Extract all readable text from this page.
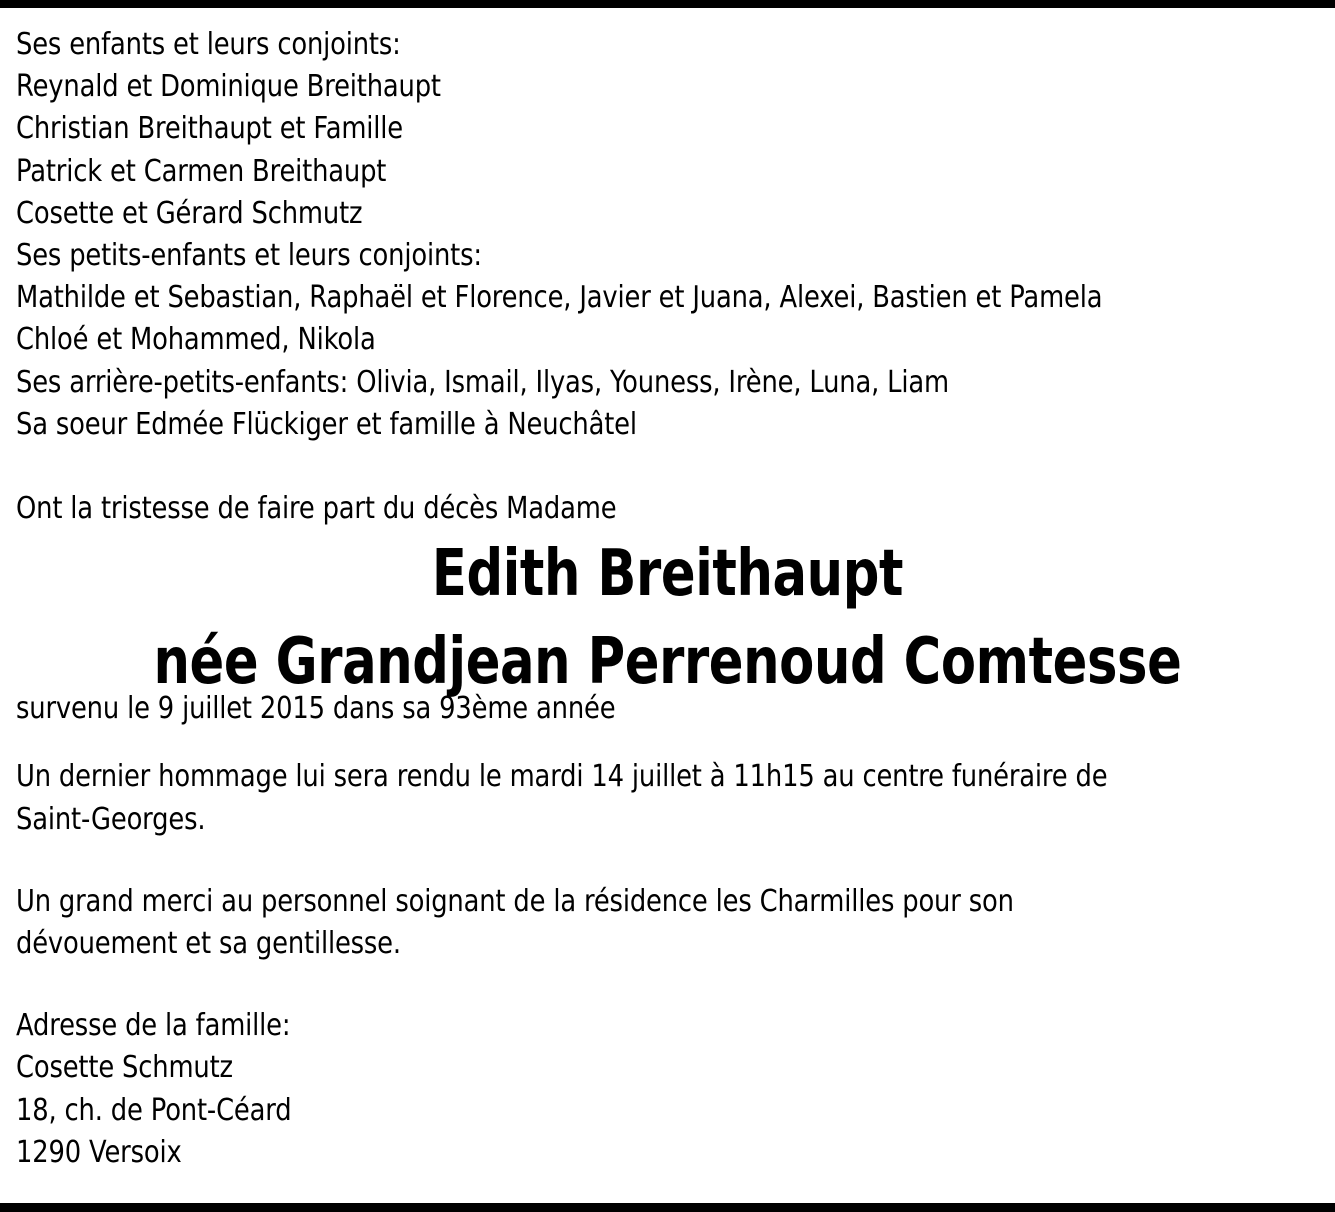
Ses enfants et leurs conjoints:
Reynald et Dominique Breithaupt
Christian Breithaupt et Famille
Patrick et Carmen Breithaupt
Cosette et Gérard Schmutz
Ses petits-enfants et leurs conjoints:
Mathilde et Sebastian, Raphaël et Florence, Javier et Juana, Alexei, Bastien et Pamela
Chloé et Mohammed, Nikola
Ses arrière-petits-enfants: Olivia, Ismail, Ilyas, Youness, Irène, Luna, Liam
Sa soeur Edmée Flückiger et famille à Neuchâtel
Ont la tristesse de faire part du décès Madame
Edith Breithaupt
née Grandjean Perrenoud Comtesse
survenu le 9 juillet 2015 dans sa 93ème année
Un dernier hommage lui sera rendu le mardi 14 juillet à 11h15 au centre funéraire de
Saint-Georges.
Un grand merci au personnel soignant de la résidence les Charmilles pour son
dévouement et sa gentillesse.
Adresse de la famille:
Cosette Schmutz
18, ch. de Pont-Céard
1290 Versoix
